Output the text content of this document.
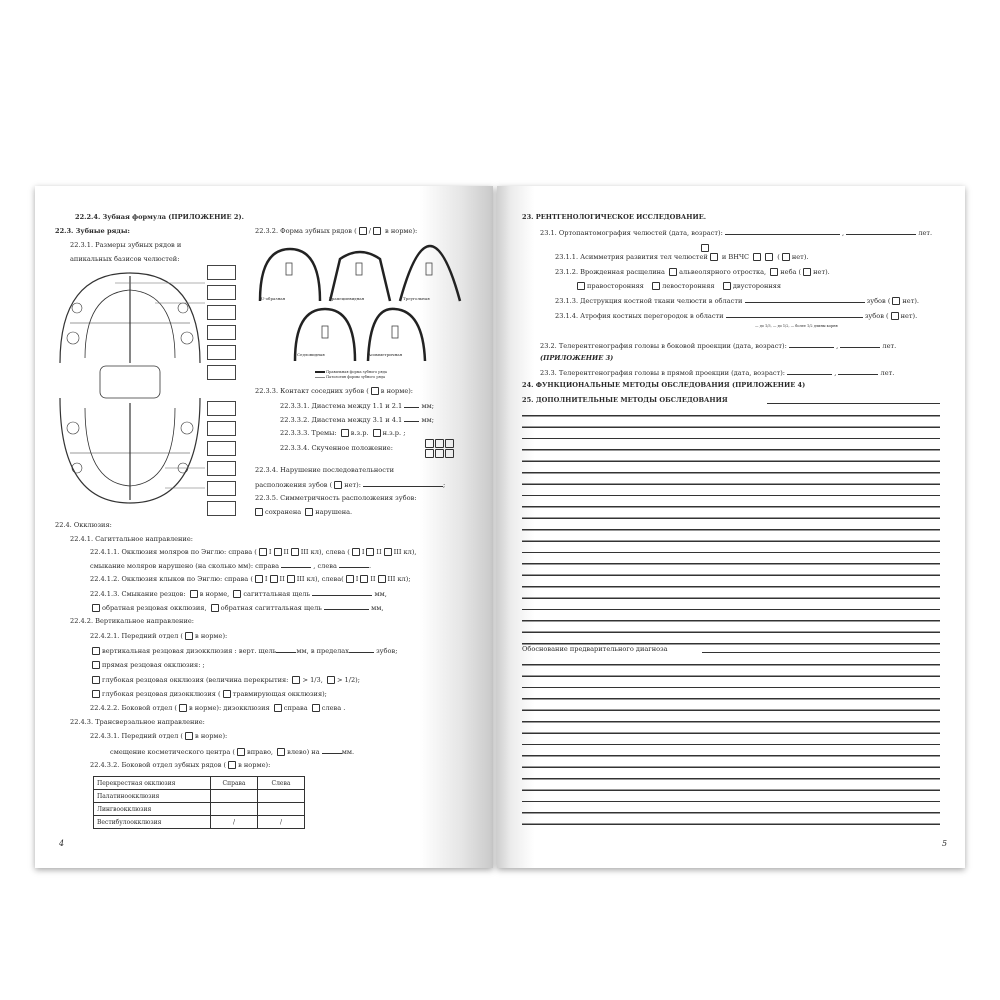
22.2.4. Зубная формула (ПРИЛОЖЕНИЕ 2).
22.3. Зубные ряды:
22.3.1. Размеры зубных рядов и
апикальных базисов челюстей:
22.3.2. Форма зубных рядов ( / в норме):
U-образная	Трапециевидная	Треугольная
Седловидная	Асимметричная
Правильная форма зубного ряда
Патология формы зубного ряда
22.3.3. Контакт соседних зубов ( в норме):
22.3.3.1. Диастема между 1.1 и 2.1	мм;
22.3.3.2. Диастема между 3.1 и 4.1	мм;
22.3.3.3. Тремы: в.з.р. н.з.р. ;
22.3.3.4. Скученное положение:
22.3.4. Нарушение последовательности
расположения зубов ( нет):	;
22.3.5. Симметричность расположения зубов:
сохранена нарушена.
22.4. Окклюзия:
22.4.1. Сагиттальное направление:
22.4.1.1. Окклюзия моляров по Энглю: справа ( I II III кл), слева ( I II III кл),
смыкание моляров нарушено (на сколько мм): справа	, слева	.
22.4.1.2. Окклюзия клыков по Энглю: справа ( I II III кл), слева( I II III кл);
22.4.1.3. Смыкание резцов: в норме, сагиттальная щель	мм,
обратная резцовая окклюзия, обратная сагиттальная щель	мм,
22.4.2. Вертикальное направление:
22.4.2.1. Передний отдел ( в норме):
вертикальная резцовая дизокклюзия : верт. щель	мм, в пределах	зубов;
прямая резцовая окклюзия: ;
глубокая резцовая окклюзия (величина перекрытия: > 1/3, > 1/2);
глубокая резцовая дизокклюзия ( травмирующая окклюзия);
22.4.2.2. Боковой отдел ( в норме): дизокклюзия справа слева .
22.4.3. Трансверзальное направление:
22.4.3.1. Передний отдел ( в норме):
смещение косметического центра ( вправо, влево) на	мм.
22.4.3.2. Боковой отдел зубных рядов ( в норме):
Перекрестная окклюзия	Справа	Слева
Палатиноокклюзия		
Лингвоокклюзия		
Вестибулоокклюзия	/	/
4
23. РЕНТГЕНОЛОГИЧЕСКОЕ ИССЛЕДОВАНИЕ.
23.1. Ортопантомография челюстей (дата, возраст):	,	лет.
23.1.1. Асимметрия развития тел челюстей и ВНЧС	( нет).
23.1.2. Врожденная расщелина альвеолярного отростка, неба ( нет).
правосторонняя	левосторонняя	двусторонняя
23.1.3. Деструкция костной ткани челюсти в области	зубов ( нет).
23.1.4. Атрофия костных перегородок в области	зубов ( нет).
— до 1/3, — до 1/2, — более 1/2 длины корня
23.2. Телерентгенография головы в боковой проекции (дата, возраст):	,	лет.
(ПРИЛОЖЕНИЕ 3)
23.3. Телерентгенография головы в прямой проекции (дата, возраст):	,	лет.
24. ФУНКЦИОНАЛЬНЫЕ МЕТОДЫ ОБСЛЕДОВАНИЯ (ПРИЛОЖЕНИЕ 4)
25. ДОПОЛНИТЕЛЬНЫЕ МЕТОДЫ ОБСЛЕДОВАНИЯ
Обоснование предварительного диагноза
5
